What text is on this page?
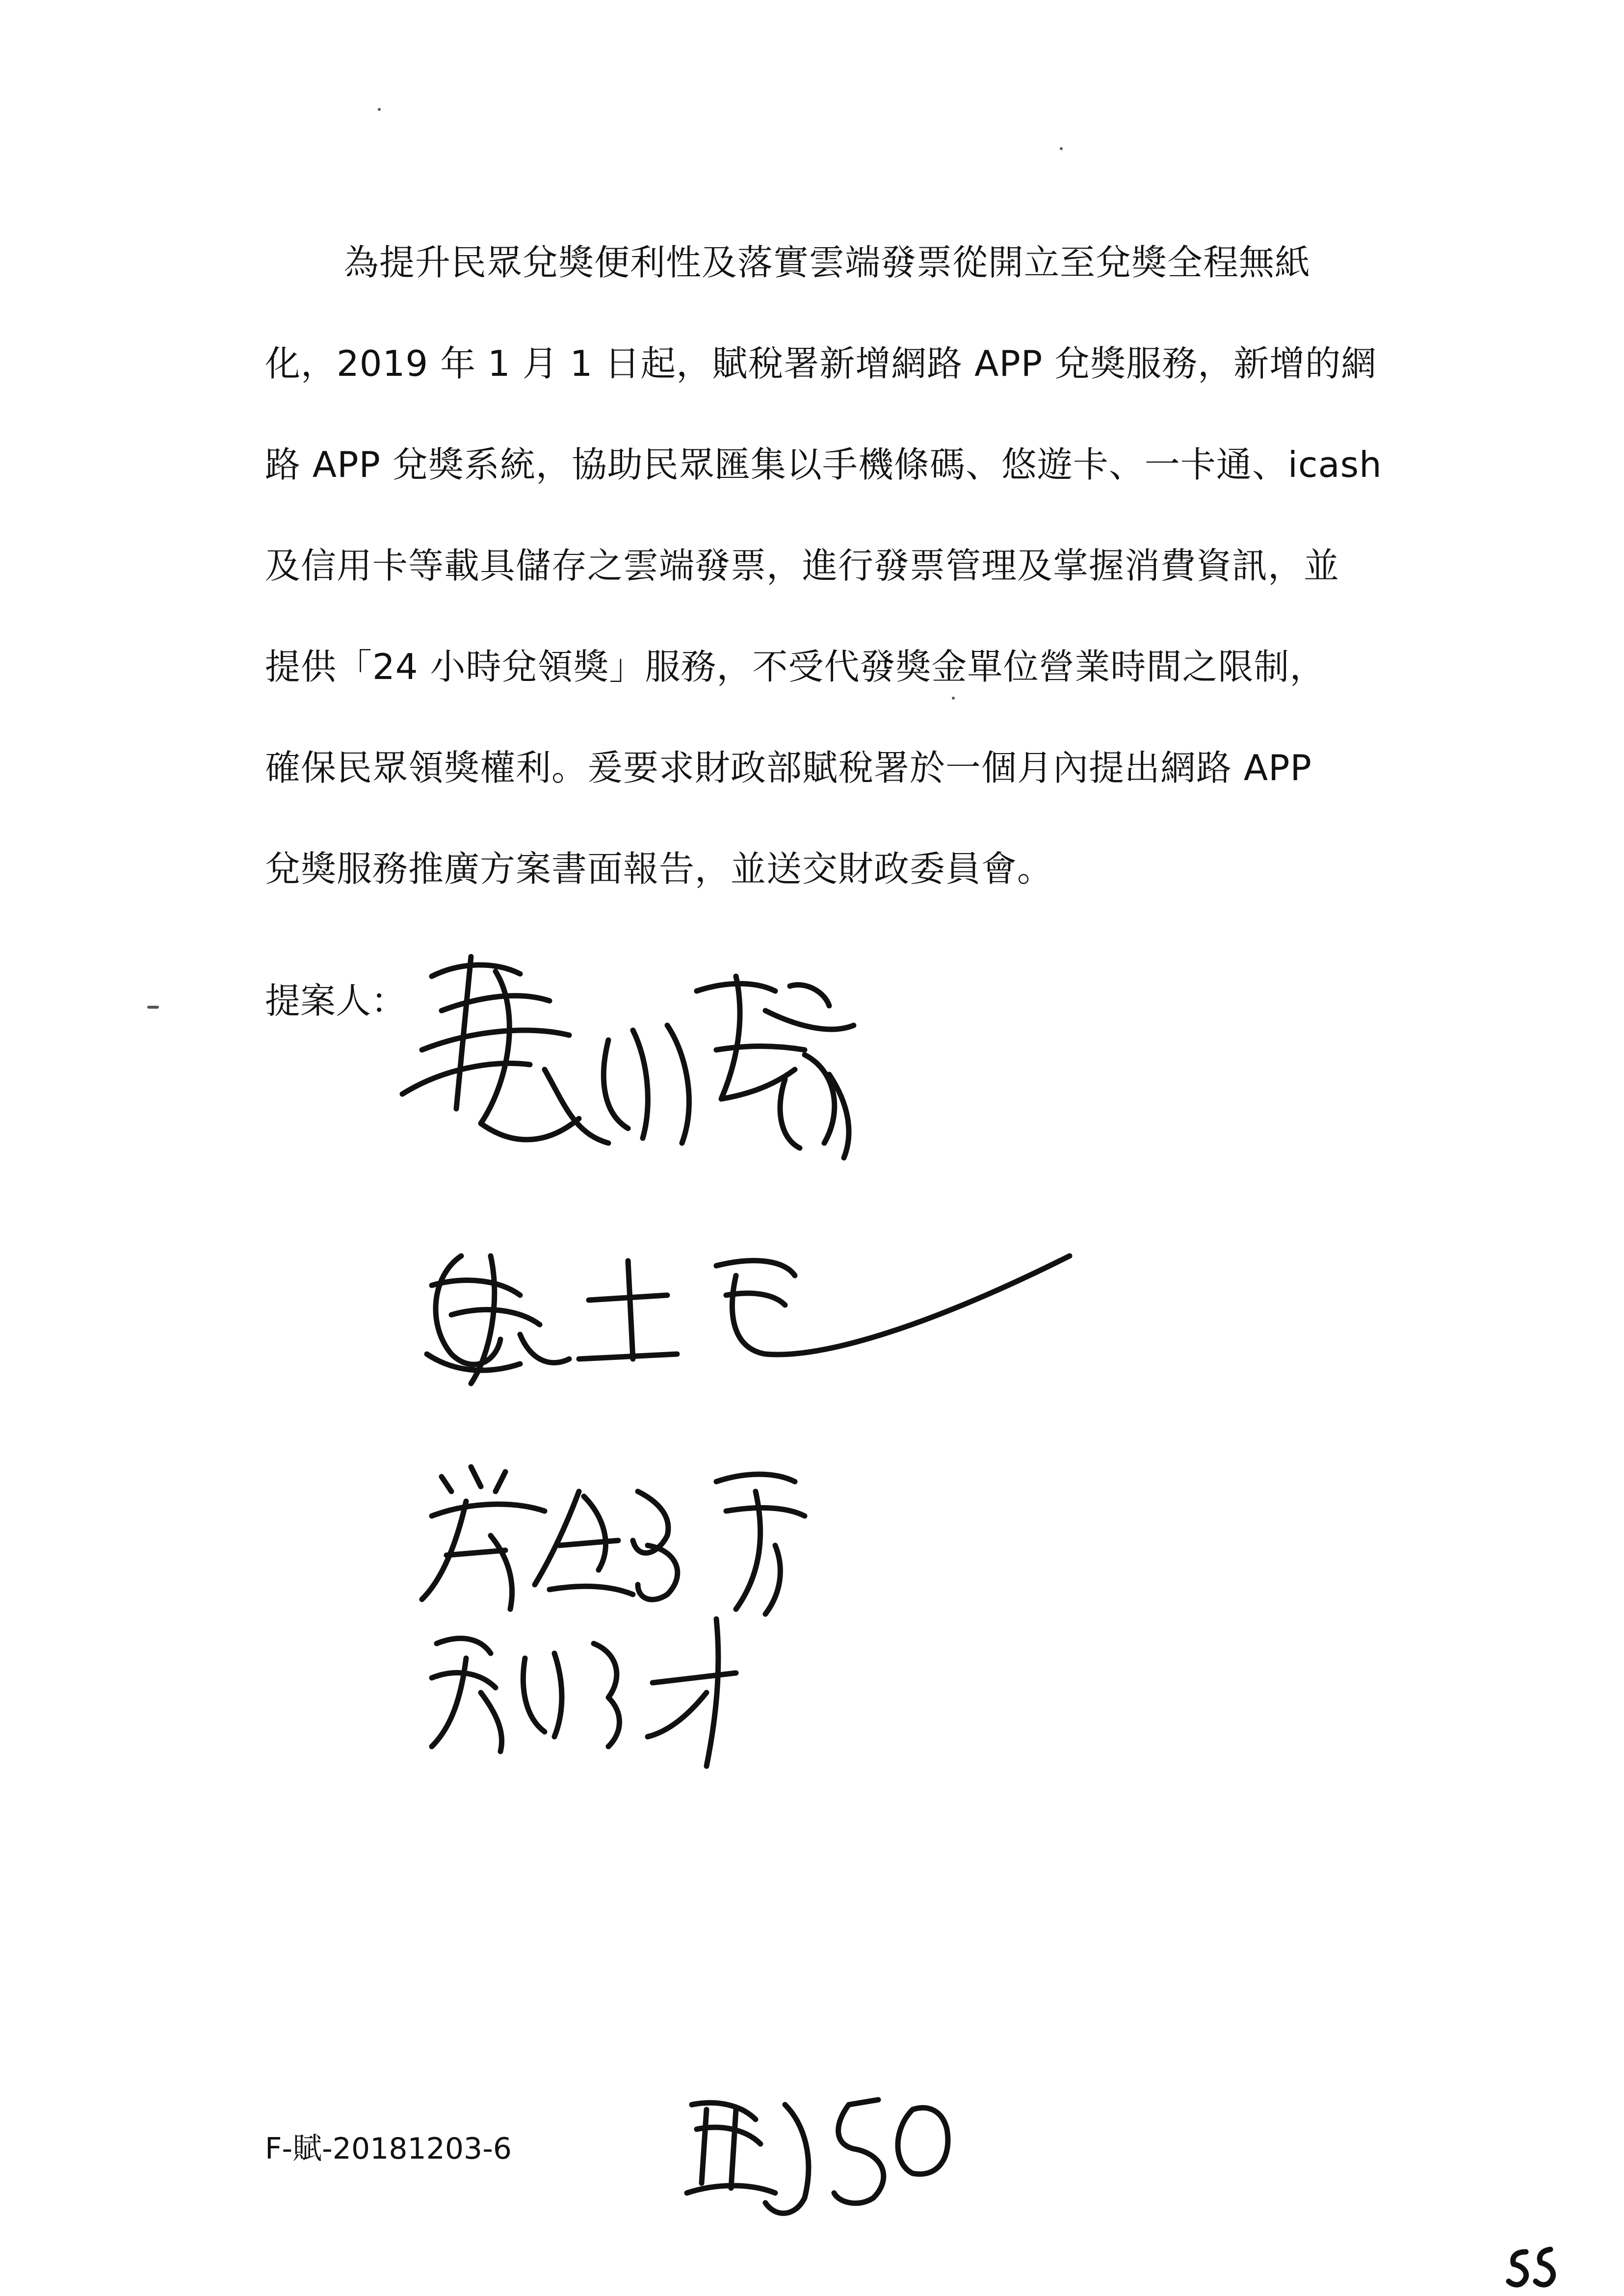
為提升民眾兌獎便利性及落實雲端發票從開立至兌獎全程無紙
化，2019 年 1 月 1 日起，賦稅署新增網路 APP 兌獎服務，新增的網
路 APP 兌獎系統，協助民眾匯集以手機條碼、悠遊卡、一卡通、icash
及信用卡等載具儲存之雲端發票，進行發票管理及掌握消費資訊，並
提供「24 小時兌領獎」服務，不受代發獎金單位營業時間之限制，
確保民眾領獎權利。爰要求財政部賦稅署於一個月內提出網路 APP
兌獎服務推廣方案書面報告，並送交財政委員會。
提案人：
F-賦-20181203-6
